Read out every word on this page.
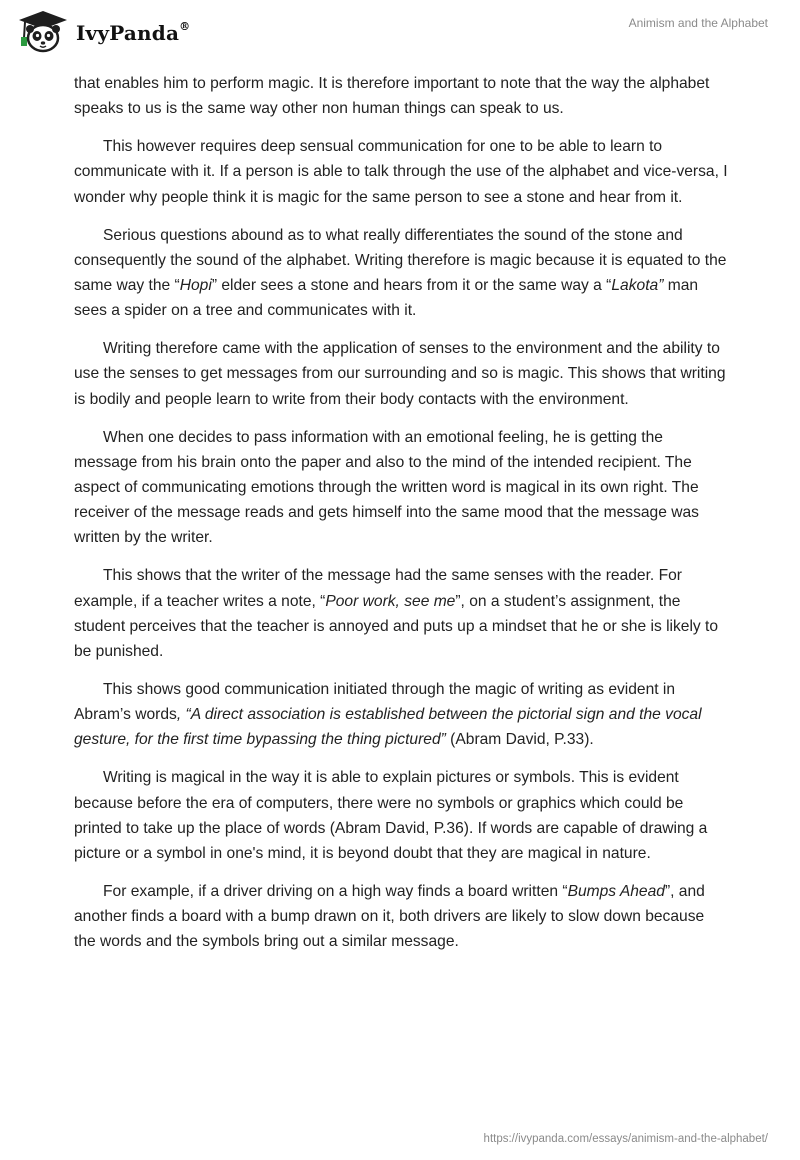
IvyPanda®	Animism and the Alphabet

that enables him to perform magic. It is therefore important to note that the way the alphabet speaks to us is the same way other non human things can speak to us.

This however requires deep sensual communication for one to be able to learn to communicate with it. If a person is able to talk through the use of the alphabet and vice-versa, I wonder why people think it is magic for the same person to see a stone and hear from it.

Serious questions abound as to what really differentiates the sound of the stone and consequently the sound of the alphabet. Writing therefore is magic because it is equated to the same way the “Hopi” elder sees a stone and hears from it or the same way a “Lakota” man sees a spider on a tree and communicates with it.

Writing therefore came with the application of senses to the environment and the ability to use the senses to get messages from our surrounding and so is magic. This shows that writing is bodily and people learn to write from their body contacts with the environment.

When one decides to pass information with an emotional feeling, he is getting the message from his brain onto the paper and also to the mind of the intended recipient. The aspect of communicating emotions through the written word is magical in its own right. The receiver of the message reads and gets himself into the same mood that the message was written by the writer.

This shows that the writer of the message had the same senses with the reader. For example, if a teacher writes a note, “Poor work, see me”, on a student’s assignment, the student perceives that the teacher is annoyed and puts up a mindset that he or she is likely to be punished.

This shows good communication initiated through the magic of writing as evident in Abram’s words, “A direct association is established between the pictorial sign and the vocal gesture, for the first time bypassing the thing pictured” (Abram David, P.33).

Writing is magical in the way it is able to explain pictures or symbols. This is evident because before the era of computers, there were no symbols or graphics which could be printed to take up the place of words (Abram David, P.36). If words are capable of drawing a picture or a symbol in one's mind, it is beyond doubt that they are magical in nature.

For example, if a driver driving on a high way finds a board written “Bumps Ahead”, and another finds a board with a bump drawn on it, both drivers are likely to slow down because the words and the symbols bring out a similar message.

https://ivypanda.com/essays/animism-and-the-alphabet/
